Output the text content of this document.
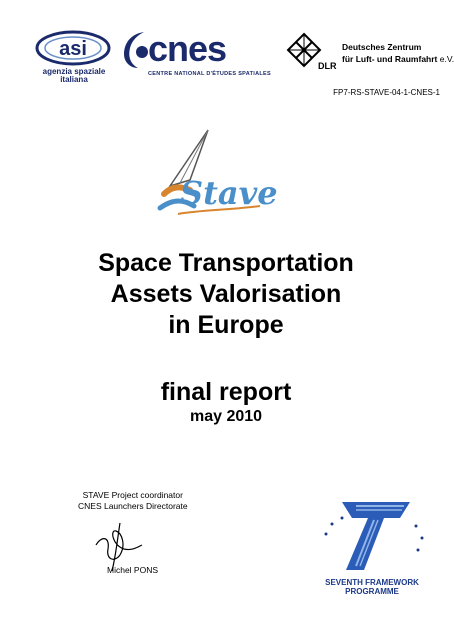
asi
agenzia spaziale
italiana
cnes
CENTRE NATIONAL D'ÉTUDES SPATIALES
DLR
Deutsches Zentrum
für Luft- und Raumfahrt e.V.
FP7-RS-STAVE-04-1-CNES-1
Stave
Space Transportation
Assets Valorisation
in Europe
final report
may 2010
STAVE Project coordinator
CNES Launchers Directorate
Michel PONS
SEVENTH FRAMEWORK
PROGRAMME
